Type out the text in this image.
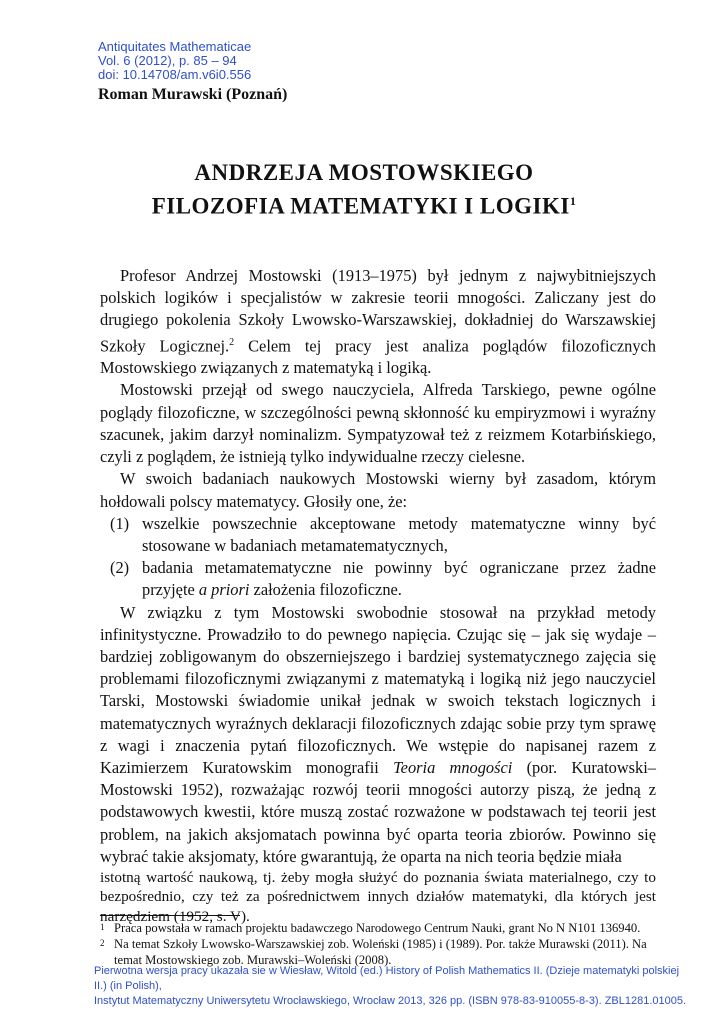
Antiquitates Mathematicae
Vol. 6 (2012), p. 85 – 94
doi: 10.14708/am.v6i0.556
Roman Murawski (Poznań)
ANDRZEJA MOSTOWSKIEGO
FILOZOFIA MATEMATYKI I LOGIKI$^1$

Profesor Andrzej Mostowski (1913–1975) był jednym z najwybitniejszych polskich logików i specjalistów w zakresie teorii mnogości. Zaliczany jest do drugiego pokolenia Szkoły Lwowsko-Warszawskiej, dokładniej do Warszawskiej Szkoły Logicznej.$^2$ Celem tej pracy jest analiza poglądów filozoficznych Mostowskiego związanych z matematyką i logiką.

Mostowski przejął od swego nauczyciela, Alfreda Tarskiego, pewne ogólne poglądy filozoficzne, w szczególności pewną skłonność ku empiryzmowi i wyraźny szacunek, jakim darzył nominalizm. Sympatyzował też z reizmem Kotarbińskiego, czyli z poglądem, że istnieją tylko indywidualne rzeczy cielesne.

W swoich badaniach naukowych Mostowski wierny był zasadom, którym hołdowali polscy matematycy. Głosiły one, że:

(1) wszelkie powszechnie akceptowane metody matematyczne winny być stosowane w badaniach metamatematycznych,
(2) badania metamatematyczne nie powinny być ograniczane przez żadne przyjęte a priori założenia filozoficzne.

W związku z tym Mostowski swobodnie stosował na przykład metody infinitystyczne. Prowadziło to do pewnego napięcia. Czując się – jak się wydaje – bardziej zobligowanym do obszerniejszego i bardziej systematycznego zajęcia się problemami filozoficznymi związanymi z matematyką i logiką niż jego nauczyciel Tarski, Mostowski świadomie unikał jednak w swoich tekstach logicznych i matematycznych wyraźnych deklaracji filozoficznych zdając sobie przy tym sprawę z wagi i znaczenia pytań filozoficznych. We wstępie do napisanej razem z Kazimierzem Kuratowskim monografii Teoria mnogości (por. Kuratowski–Mostowski 1952), rozważając rozwój teorii mnogości autorzy piszą, że jedną z podstawowych kwestii, które muszą zostać rozważone w podstawach tej teorii jest problem, na jakich aksjomatach powinna być oparta teoria zbiorów. Powinno się wybrać takie aksjomaty, które gwarantują, że oparta na nich teoria będzie miała

istotną wartość naukową, tj. żeby mogła służyć do poznania świata materialnego, czy to bezpośrednio, czy też za pośrednictwem innych działów matematyki, dla których jest narzędziem (1952, s. V).

1 Praca powstała w ramach projektu badawczego Narodowego Centrum Nauki, grant No N N101 136940.
2 Na temat Szkoły Lwowsko-Warszawskiej zob. Woleński (1985) i (1989). Por. także Murawski (2011). Na temat Mostowskiego zob. Murawski–Woleński (2008).
Pierwotna wersja pracy ukazała sie w Wiesław, Witold (ed.) History of Polish Mathematics II. (Dzieje matematyki polskiej II.) (in Polish),
Instytut Matematyczny Uniwersytetu Wrocławskiego, Wrocław 2013, 326 pp. (ISBN 978-83-910055-8-3). ZBL1281.01005.
